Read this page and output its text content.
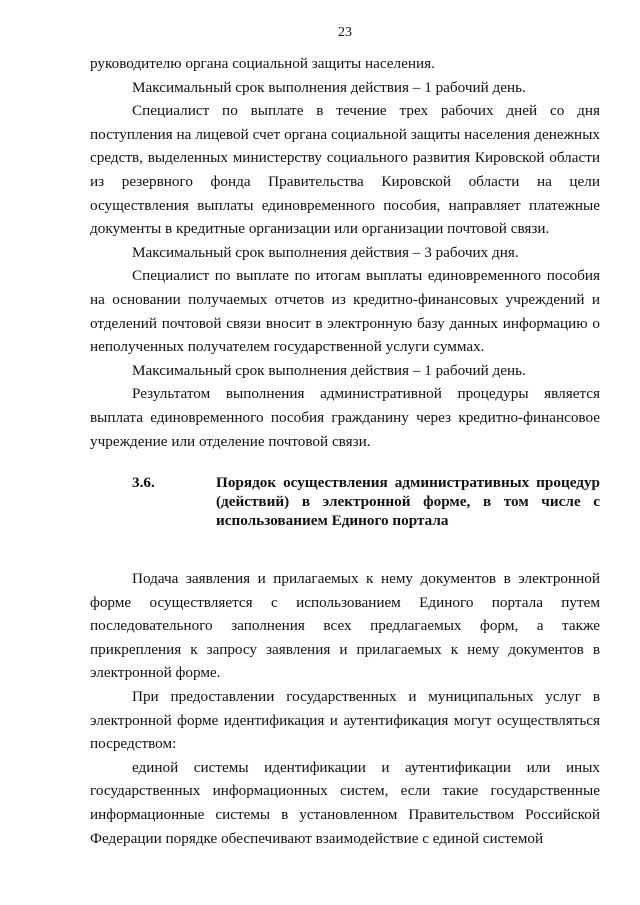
23

руководителю органа социальной защиты населения.

Максимальный срок выполнения действия – 1 рабочий день.

Специалист по выплате в течение трех рабочих дней со дня поступления на лицевой счет органа социальной защиты населения денежных средств, выделенных министерству социального развития Кировской области из резервного фонда Правительства Кировской области на цели осуществления выплаты единовременного пособия, направляет платежные документы в кредитные организации или организации почтовой связи.

Максимальный срок выполнения действия – 3 рабочих дня.

Специалист по выплате по итогам выплаты единовременного пособия на основании получаемых отчетов из кредитно-финансовых учреждений и отделений почтовой связи вносит в электронную базу данных информацию о неполученных получателем государственной услуги суммах.

Максимальный срок выполнения действия – 1 рабочий день.

Результатом выполнения административной процедуры является выплата единовременного пособия гражданину через кредитно-финансовое учреждение или отделение почтовой связи.

3.6.	Порядок осуществления административных процедур (действий) в электронной форме, в том числе с использованием Единого портала

Подача заявления и прилагаемых к нему документов в электронной форме осуществляется с использованием Единого портала путем последовательного заполнения всех предлагаемых форм, а также прикрепления к запросу заявления и прилагаемых к нему документов в электронной форме.

При предоставлении государственных и муниципальных услуг в электронной форме идентификация и аутентификация могут осуществляться посредством:

единой системы идентификации и аутентификации или иных государственных информационных систем, если такие государственные информационные системы в установленном Правительством Российской Федерации порядке обеспечивают взаимодействие с единой системой
